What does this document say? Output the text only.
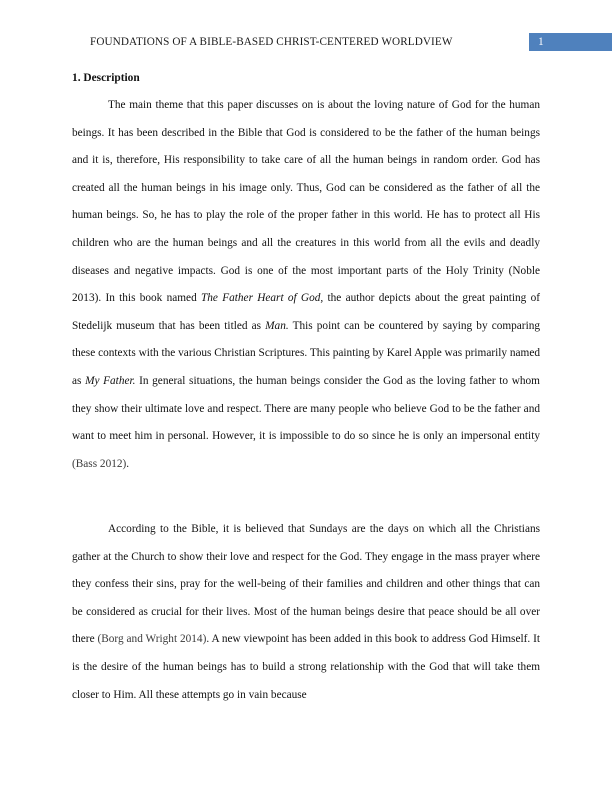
FOUNDATIONS OF A BIBLE-BASED CHRIST-CENTERED WORLDVIEW	1
1. Description

The main theme that this paper discusses on is about the loving nature of God for the human beings. It has been described in the Bible that God is considered to be the father of the human beings and it is, therefore, His responsibility to take care of all the human beings in random order. God has created all the human beings in his image only. Thus, God can be considered as the father of all the human beings. So, he has to play the role of the proper father in this world. He has to protect all His children who are the human beings and all the creatures in this world from all the evils and deadly diseases and negative impacts. God is one of the most important parts of the Holy Trinity (Noble 2013). In this book named The Father Heart of God, the author depicts about the great painting of Stedelijk museum that has been titled as Man. This point can be countered by saying by comparing these contexts with the various Christian Scriptures. This painting by Karel Apple was primarily named as My Father. In general situations, the human beings consider the God as the loving father to whom they show their ultimate love and respect. There are many people who believe God to be the father and want to meet him in personal. However, it is impossible to do so since he is only an impersonal entity (Bass 2012).

According to the Bible, it is believed that Sundays are the days on which all the Christians gather at the Church to show their love and respect for the God. They engage in the mass prayer where they confess their sins, pray for the well-being of their families and children and other things that can be considered as crucial for their lives. Most of the human beings desire that peace should be all over there (Borg and Wright 2014). A new viewpoint has been added in this book to address God Himself. It is the desire of the human beings has to build a strong relationship with the God that will take them closer to Him. All these attempts go in vain because
